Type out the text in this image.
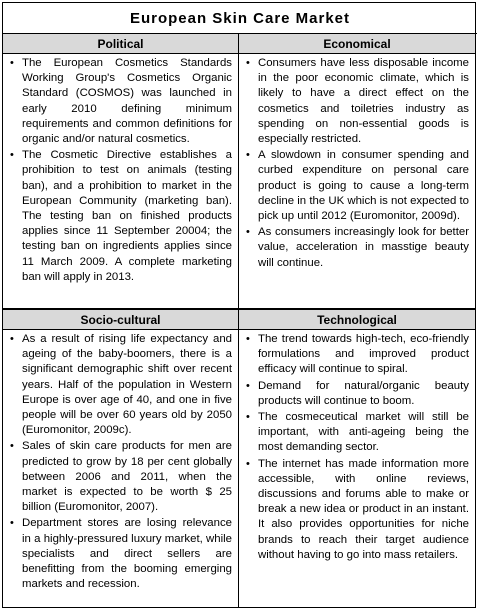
European Skin Care Market
Political
• The European Cosmetics Standards Working Group's Cosmetics Organic Standard (COSMOS) was launched in early 2010 defining minimum requirements and common definitions for organic and/or natural cosmetics.
• The Cosmetic Directive establishes a prohibition to test on animals (testing ban), and a prohibition to market in the European Community (marketing ban). The testing ban on finished products applies since 11 September 20004; the testing ban on ingredients applies since 11 March 2009. A complete marketing ban will apply in 2013.
Economical
• Consumers have less disposable income in the poor economic climate, which is likely to have a direct effect on the cosmetics and toiletries industry as spending on non-essential goods is especially restricted.
• A slowdown in consumer spending and curbed expenditure on personal care product is going to cause a long-term decline in the UK which is not expected to pick up until 2012 (Euromonitor, 2009d).
• As consumers increasingly look for better value, acceleration in masstige beauty will continue.
Socio-cultural
• As a result of rising life expectancy and ageing of the baby-boomers, there is a significant demographic shift over recent years. Half of the population in Western Europe is over age of 40, and one in five people will be over 60 years old by 2050 (Euromonitor, 2009c).
• Sales of skin care products for men are predicted to grow by 18 per cent globally between 2006 and 2011, when the market is expected to be worth $ 25 billion (Euromonitor, 2007).
• Department stores are losing relevance in a highly-pressured luxury market, while specialists and direct sellers are benefitting from the booming emerging markets and recession.
Technological
• The trend towards high-tech, eco-friendly formulations and improved product efficacy will continue to spiral.
• Demand for natural/organic beauty products will continue to boom.
• The cosmeceutical market will still be important, with anti-ageing being the most demanding sector.
• The internet has made information more accessible, with online reviews, discussions and forums able to make or break a new idea or product in an instant. It also provides opportunities for niche brands to reach their target audience without having to go into mass retailers.
